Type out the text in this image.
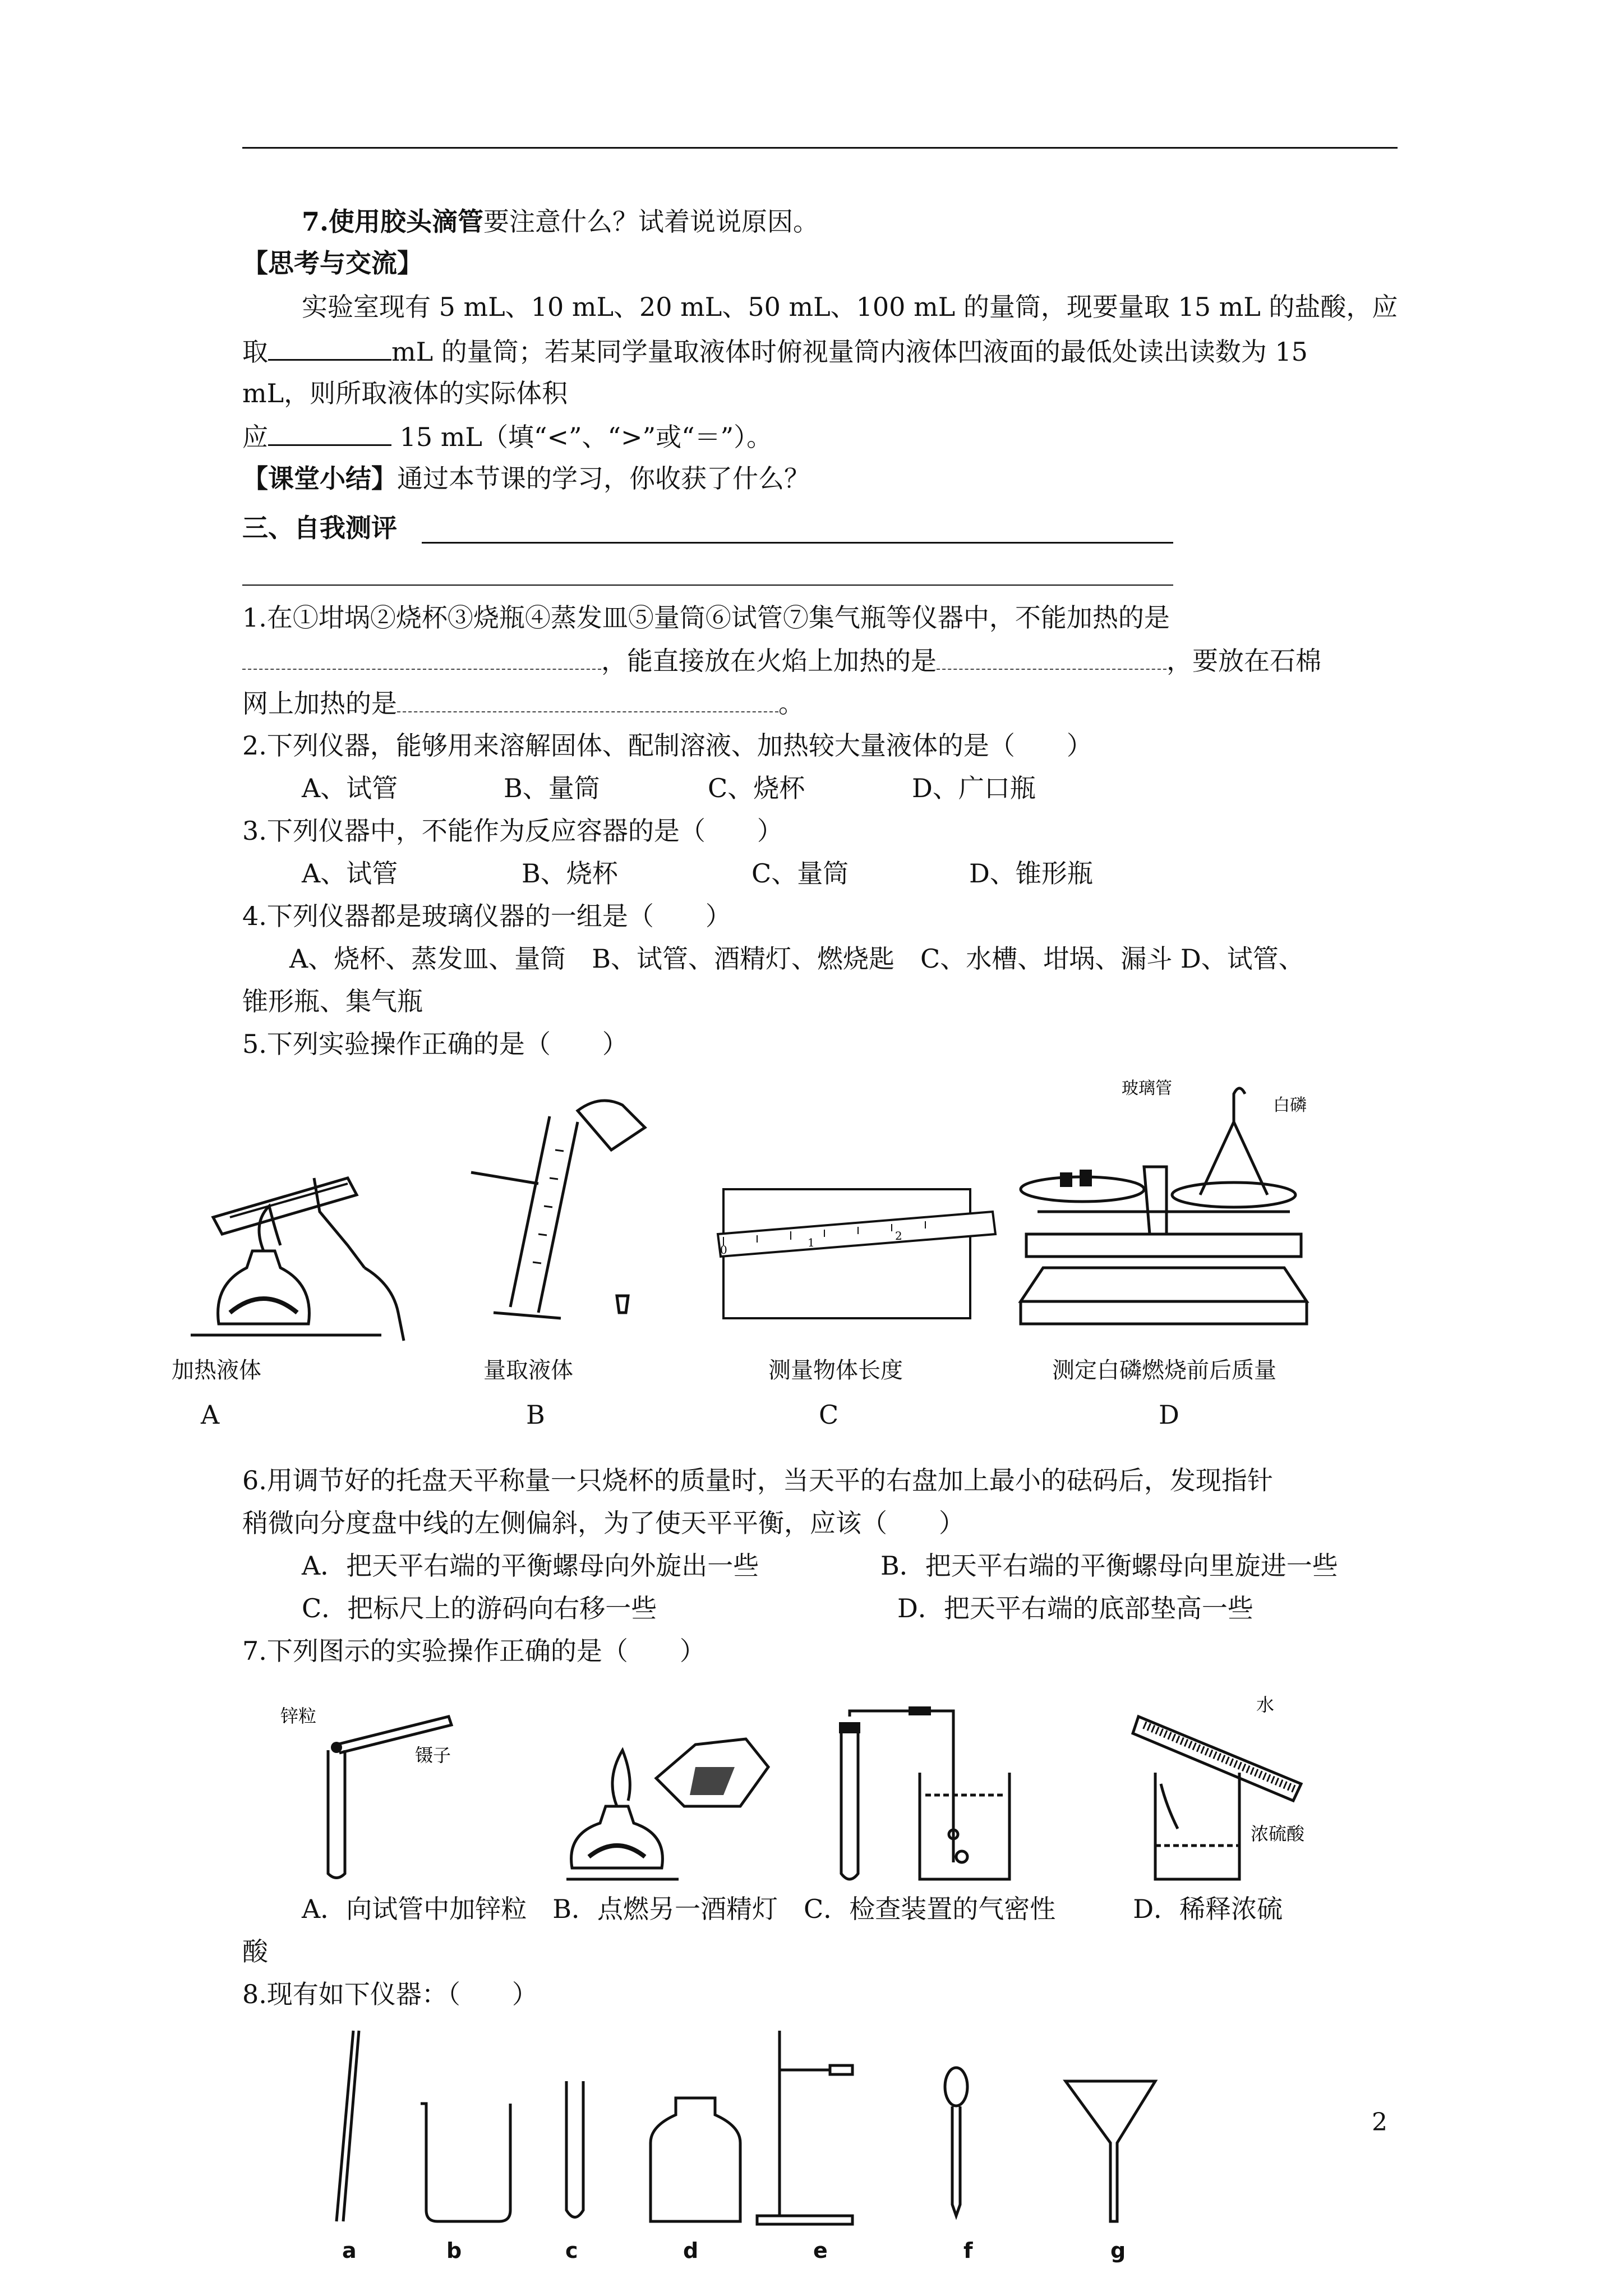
7.使用胶头滴管要注意什么？试着说说原因。
【思考与交流】
实验室现有 5 mL、10 mL、20 mL、50 mL、100 mL 的量筒，现要量取 15 mL 的盐酸，应
取	mL 的量筒；若某同学量取液体时俯视量筒内液体凹液面的最低处读出读数为 15
mL，则所取液体的实际体积
应	15 mL（填“<”、“>”或“＝”）。
【课堂小结】通过本节课的学习，你收获了什么？
三、自我测评
1.在①坩埚②烧杯③烧瓶④蒸发皿⑤量筒⑥试管⑦集气瓶等仪器中，不能加热的是
，能直接放在火焰上加热的是	，要放在石棉
网上加热的是	。
2.下列仪器，能够用来溶解固体、配制溶液、加热较大量液体的是（　　）
A、试管	B、量筒	C、烧杯	D、广口瓶
3.下列仪器中，不能作为反应容器的是（　　）
A、试管	B、烧杯	C、量筒	D、锥形瓶
4.下列仪器都是玻璃仪器的一组是（　　）
A、烧杯、蒸发皿、量筒　B、试管、酒精灯、燃烧匙　C、水槽、坩埚、漏斗 D、试管、
锥形瓶、集气瓶
5.下列实验操作正确的是（　　）
加热液体
A
量取液体
B
0
1	2
测量物体长度
C
玻璃管
白磷
测定白磷燃烧前后质量
D
6.用调节好的托盘天平称量一只烧杯的质量时，当天平的右盘加上最小的砝码后，发现指针
稍微向分度盘中线的左侧偏斜，为了使天平平衡，应该（　　）
A．把天平右端的平衡螺母向外旋出一些	B．把天平右端的平衡螺母向里旋进一些
C．把标尺上的游码向右移一些	D．把天平右端的底部垫高一些
7.下列图示的实验操作正确的是（　　）
锌粒
镊子
水
浓硫酸
A．向试管中加锌粒　B．点燃另一酒精灯　C．检查装置的气密性　　　D．稀释浓硫
酸
8.现有如下仪器：（　　）
a	b	c	d	e	f	g
2
